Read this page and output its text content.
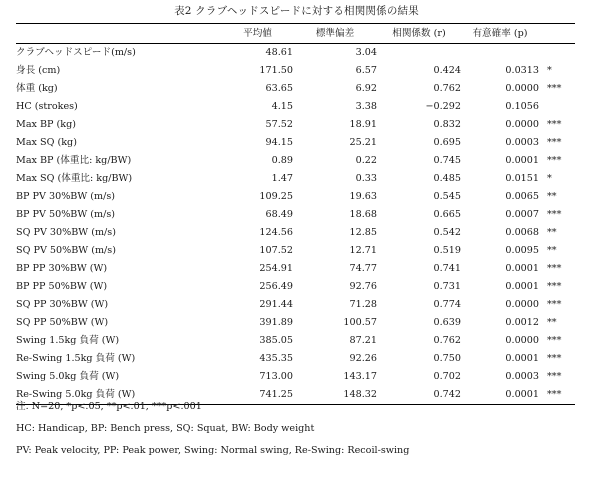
表2 クラブヘッドスピードに対する相関関係の結果
	平均値	標準偏差	相関係数 (r)	有意確率 (p)	
クラブヘッドスピード(m/s)	48.61	3.04			
身長 (cm)	171.50	6.57	0.424	0.0313	*
体重 (kg)	63.65	6.92	0.762	0.0000	***
HC (strokes)	4.15	3.38	−0.292	0.1056	
Max BP (kg)	57.52	18.91	0.832	0.0000	***
Max SQ (kg)	94.15	25.21	0.695	0.0003	***
Max BP (体重比: kg/BW)	0.89	0.22	0.745	0.0001	***
Max SQ (体重比: kg/BW)	1.47	0.33	0.485	0.0151	*
BP PV 30%BW (m/s)	109.25	19.63	0.545	0.0065	**
BP PV 50%BW (m/s)	68.49	18.68	0.665	0.0007	***
SQ PV 30%BW (m/s)	124.56	12.85	0.542	0.0068	**
SQ PV 50%BW (m/s)	107.52	12.71	0.519	0.0095	**
BP PP 30%BW (W)	254.91	74.77	0.741	0.0001	***
BP PP 50%BW (W)	256.49	92.76	0.731	0.0001	***
SQ PP 30%BW (W)	291.44	71.28	0.774	0.0000	***
SQ PP 50%BW (W)	391.89	100.57	0.639	0.0012	**
Swing 1.5kg 負荷 (W)	385.05	87.21	0.762	0.0000	***
Re-Swing 1.5kg 負荷 (W)	435.35	92.26	0.750	0.0001	***
Swing 5.0kg 負荷 (W)	713.00	143.17	0.702	0.0003	***
Re-Swing 5.0kg 負荷 (W)	741.25	148.32	0.742	0.0001	***
注. N=20, *p<.05, **p<.01, ***p<.001
HC: Handicap, BP: Bench press, SQ: Squat, BW: Body weight
PV: Peak velocity, PP: Peak power, Swing: Normal swing, Re-Swing: Recoil-swing
